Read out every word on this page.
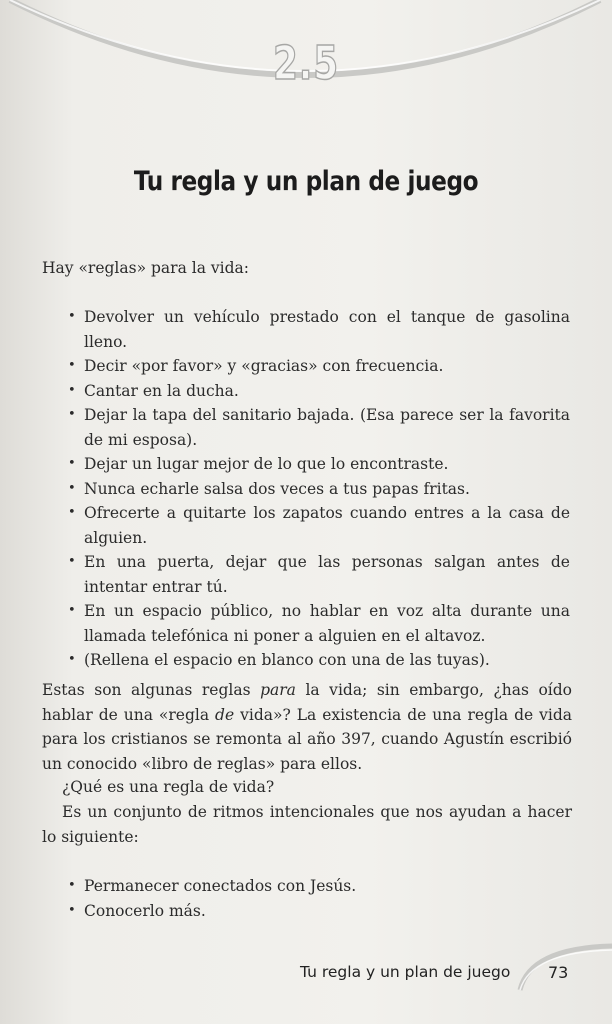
2.5
Tu regla y un plan de juego
Hay «reglas» para la vida:
• Devolver un vehículo prestado con el tanque de gasolina lleno.
• Decir «por favor» y «gracias» con frecuencia.
• Cantar en la ducha.
• Dejar la tapa del sanitario bajada. (Esa parece ser la favorita de mi esposa).
• Dejar un lugar mejor de lo que lo encontraste.
• Nunca echarle salsa dos veces a tus papas fritas.
• Ofrecerte a quitarte los zapatos cuando entres a la casa de alguien.
• En una puerta, dejar que las personas salgan antes de intentar entrar tú.
• En un espacio público, no hablar en voz alta durante una llamada telefónica ni poner a alguien en el altavoz.
• (Rellena el espacio en blanco con una de las tuyas).

Estas son algunas reglas para la vida; sin embargo, ¿has oído hablar de una «regla de vida»? La existencia de una regla de vida para los cristianos se remonta al año 397, cuando Agustín escribió un conocido «libro de reglas» para ellos.

¿Qué es una regla de vida?
Es un conjunto de ritmos intencionales que nos ayudan a hacer lo siguiente:
• Permanecer conectados con Jesús.
• Conocerlo más.
Tu regla y un plan de juego 73
